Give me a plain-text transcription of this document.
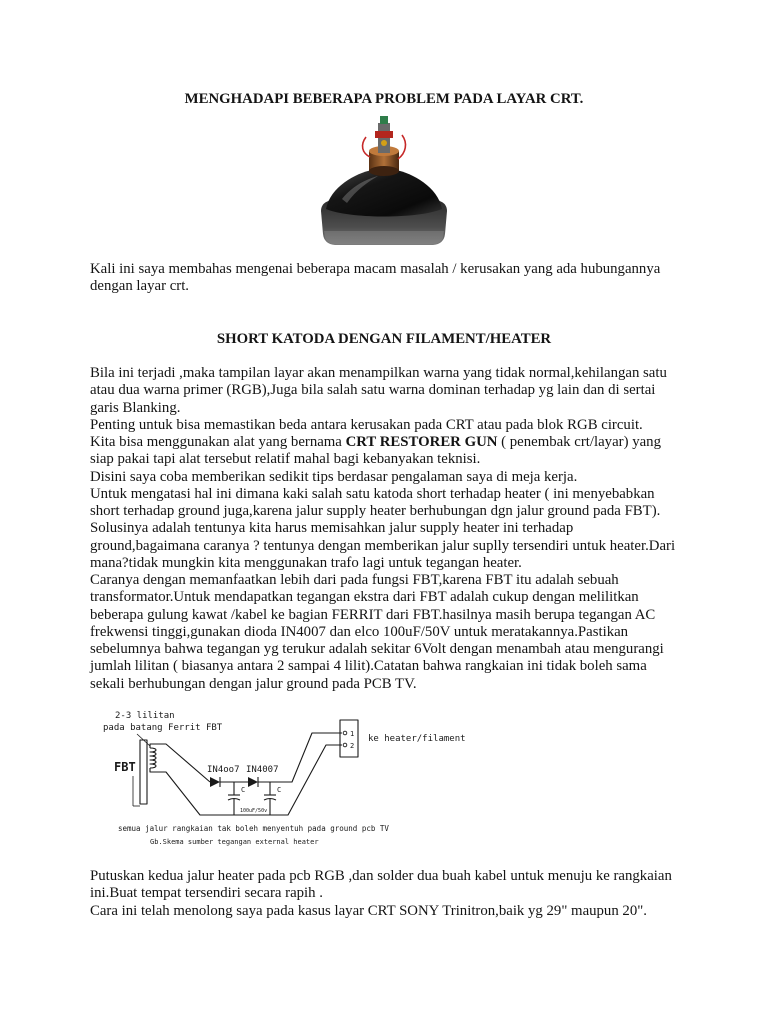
MENGHADAPI BEBERAPA PROBLEM PADA LAYAR CRT.
Kali ini saya membahas mengenai beberapa macam masalah / kerusakan yang ada hubungannya
dengan layar crt.
SHORT KATODA DENGAN FILAMENT/HEATER
Bila ini terjadi ,maka tampilan layar akan menampilkan warna yang tidak normal,kehilangan satu
atau dua warna primer (RGB),Juga bila salah satu warna dominan terhadap yg lain dan di sertai
garis Blanking.
Penting untuk bisa memastikan beda antara kerusakan pada CRT atau pada blok RGB circuit.
Kita bisa menggunakan alat yang bernama CRT RESTORER GUN ( penembak crt/layar) yang
siap pakai tapi alat tersebut relatif mahal bagi kebanyakan teknisi.
Disini saya coba memberikan sedikit tips berdasar pengalaman saya di meja kerja.
Untuk mengatasi hal ini dimana kaki salah satu katoda short terhadap heater ( ini menyebabkan
short terhadap ground juga,karena jalur supply heater berhubungan dgn jalur ground pada FBT).
Solusinya adalah tentunya kita harus memisahkan jalur supply heater ini terhadap
ground,bagaimana caranya ? tentunya dengan memberikan jalur suplly tersendiri untuk heater.Dari
mana?tidak mungkin kita menggunakan trafo lagi untuk tegangan heater.
Caranya dengan memanfaatkan lebih dari pada fungsi FBT,karena FBT itu adalah sebuah
transformator.Untuk mendapatkan tegangan ekstra dari FBT adalah cukup dengan melilitkan
beberapa gulung kawat /kabel ke bagian FERRIT dari FBT.hasilnya masih berupa tegangan AC
frekwensi tinggi,gunakan dioda IN4007 dan elco 100uF/50V untuk meratakannya.Pastikan
sebelumnya bahwa tegangan yg terukur adalah sekitar 6Volt dengan menambah atau mengurangi
jumlah lilitan ( biasanya antara 2 sampai 4 lilit).Catatan bahwa rangkaian ini tidak boleh sama
sekali berhubungan dengan jalur ground pada PCB TV.
2-3 lilitan
pada batang Ferrit FBT
FBT	IN4oo7 IN4007
C	C
100uF/50v
1
2
ke heater/filament
semua jalur rangkaian tak boleh menyentuh pada ground pcb TV
Gb.Skema sumber tegangan external heater
Putuskan kedua jalur heater pada pcb RGB ,dan solder dua buah kabel untuk menuju ke rangkaian
ini.Buat tempat tersendiri secara rapih .
Cara ini telah menolong saya pada kasus layar CRT SONY Trinitron,baik yg 29" maupun 20".
